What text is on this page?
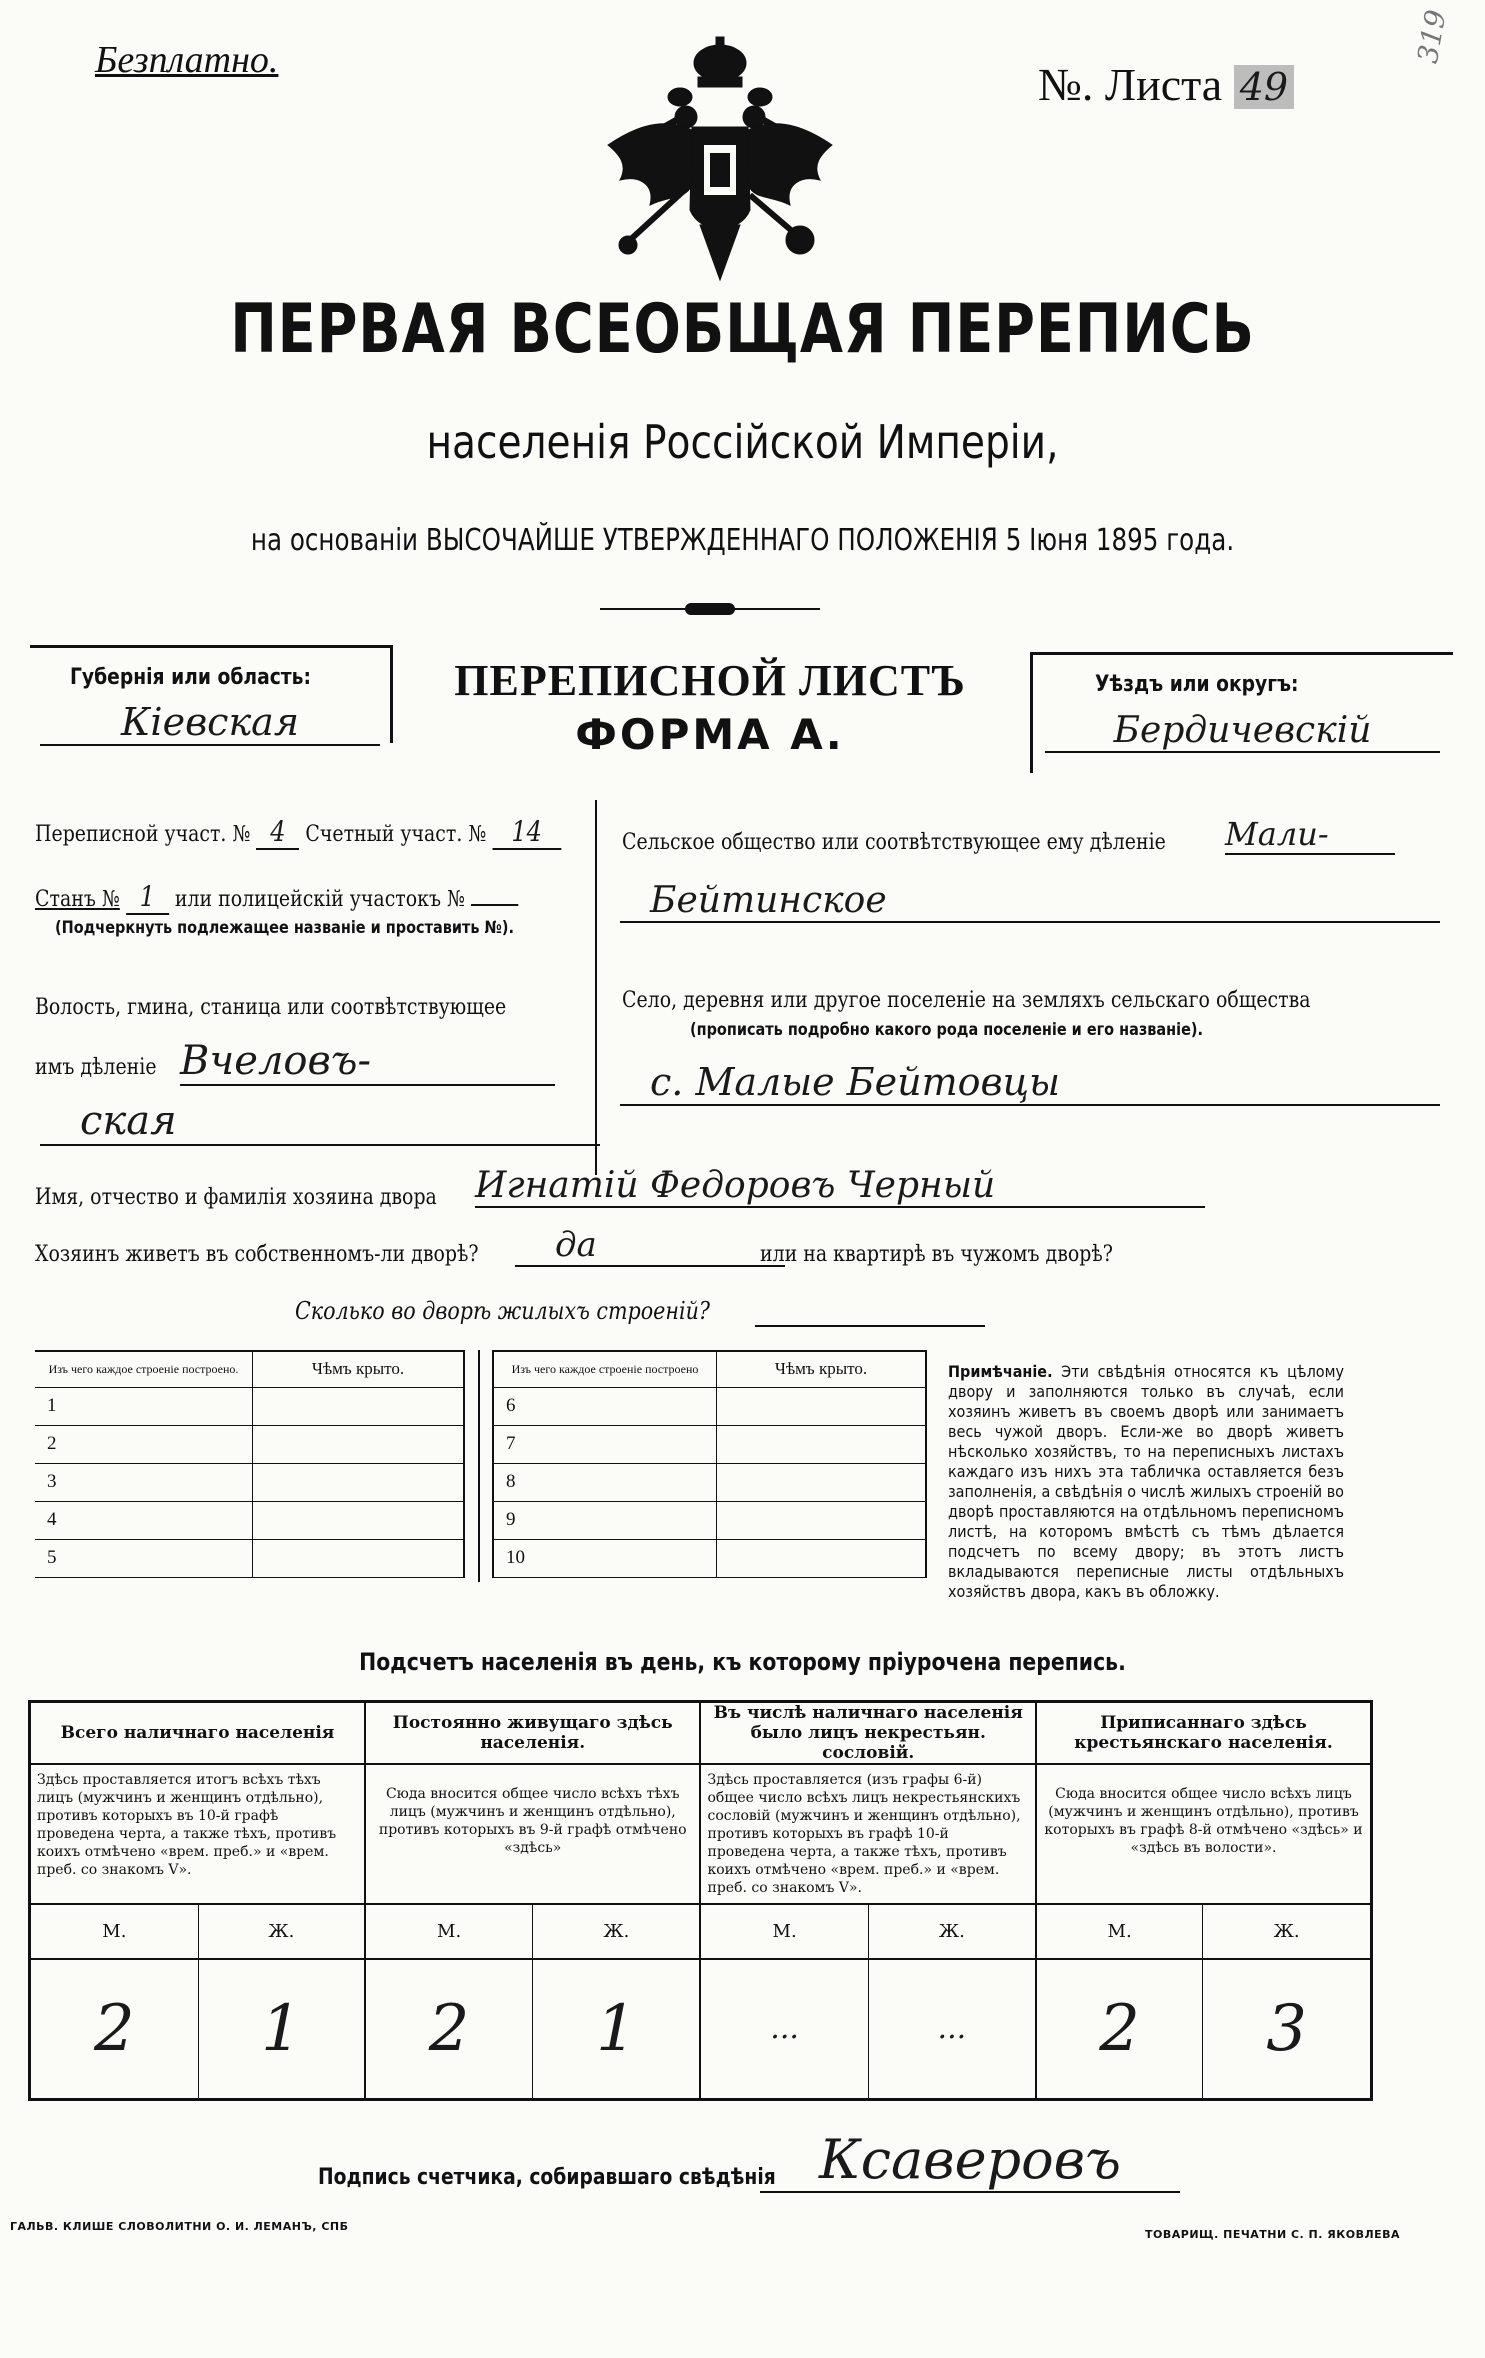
Безплатно.	№. Листа 49
319
ПЕРВАЯ ВСЕОБЩАЯ ПЕРЕПИСЬ
населенія Россійской Имперіи,
на основаніи ВЫСОЧАЙШЕ УТВЕРЖДЕННАГО ПОЛОЖЕНІЯ 5 Іюня 1895 года.
Губернія или область:
Кіевская
ПЕРЕПИСНОЙ ЛИСТЪ
ФОРМА А.
Уѣздъ или округъ:
Бердичевскій
Переписной участ. № 4 Счетный участ. № 14
Станъ № 1 или полицейскій участокъ №
(Подчеркнуть подлежащее названіе и проставить №).
Волость, гмина, станица или соотвѣтствующее
имъ дѣленіе Вчеловъ-
ская
Сельское общество или соотвѣтствующее ему дѣленіе Мали-
Бейтинское
Село, деревня или другое поселеніе на земляхъ сельскаго общества
(прописать подробно какого рода поселеніе и его названіе).
с. Малые Бейтовцы
Имя, отчество и фамилія хозяина двора	Игнатій Федоровъ Черный
Хозяинъ живетъ въ собственномъ-ли дворѣ?	да	или на квартирѣ въ чужомъ дворѣ?
Сколько во дворѣ жилыхъ строеній?
Изъ чего каждое строеніе построено.	Чѣмъ крыто.
1	
2	
3	
4	
5	
Изъ чего каждое строеніе построено	Чѣмъ крыто.
6	
7	
8	
9	
10	
Примѣчаніе. Эти свѣдѣнія относятся къ цѣлому двору и заполняются только въ случаѣ, если хозяинъ живетъ въ своемъ дворѣ или занимаетъ весь чужой дворъ. Если-же во дворѣ живетъ нѣсколько хозяйствъ, то на переписныхъ листахъ каждаго изъ нихъ эта табличка оставляется безъ заполненія, а свѣдѣнія о числѣ жилыхъ строеній во дворѣ проставляются на отдѣльномъ переписномъ листѣ, на которомъ вмѣстѣ съ тѣмъ дѣлается подсчетъ по всему двору; въ этотъ листъ вкладываются переписные листы отдѣльныхъ хозяйствъ двора, какъ въ обложку.
Подсчетъ населенія въ день, къ которому пріурочена перепись.
Всего наличнаго населенія		Постоянно живущаго здѣсь населенія.		Въ числѣ наличнаго населенія было лицъ некрестьян. сословій.		Приписаннаго здѣсь крестьянскаго населенія.	
Здѣсь проставляется итогъ всѣхъ тѣхъ лицъ (мужчинъ и женщинъ отдѣльно), противъ которыхъ въ 10-й графѣ проведена черта, а также тѣхъ, противъ коихъ отмѣчено «врем. преб.» и «врем. преб. со знакомъ V».		Сюда вносится общее число всѣхъ тѣхъ лицъ (мужчинъ и женщинъ отдѣльно), противъ которыхъ въ 9-й графѣ отмѣчено «здѣсь»		Здѣсь проставляется (изъ графы 6-й) общее число всѣхъ лицъ некрестьянскихъ сословій (мужчинъ и женщинъ отдѣльно), противъ которыхъ въ графѣ 10-й проведена черта, а также тѣхъ, противъ коихъ отмѣчено «врем. преб.» и «врем. преб. со знакомъ V».		Сюда вносится общее число всѣхъ лицъ (мужчинъ и женщинъ отдѣльно), противъ которыхъ въ графѣ 8-й отмѣчено «здѣсь» и «здѣсь въ волости».	
М.	Ж.	М.	Ж.	М.	Ж.	М.	Ж.
2	1	2	1	...	...	2	3
Подпись счетчика, собиравшаго свѣдѣнія Ксаверовъ
ГАЛЬВ. КЛИШЕ СЛОВОЛИТНИ О. И. ЛЕМАНЪ, СПБ
ТОВАРИЩ. ПЕЧАТНИ С. П. ЯКОВЛЕВА
